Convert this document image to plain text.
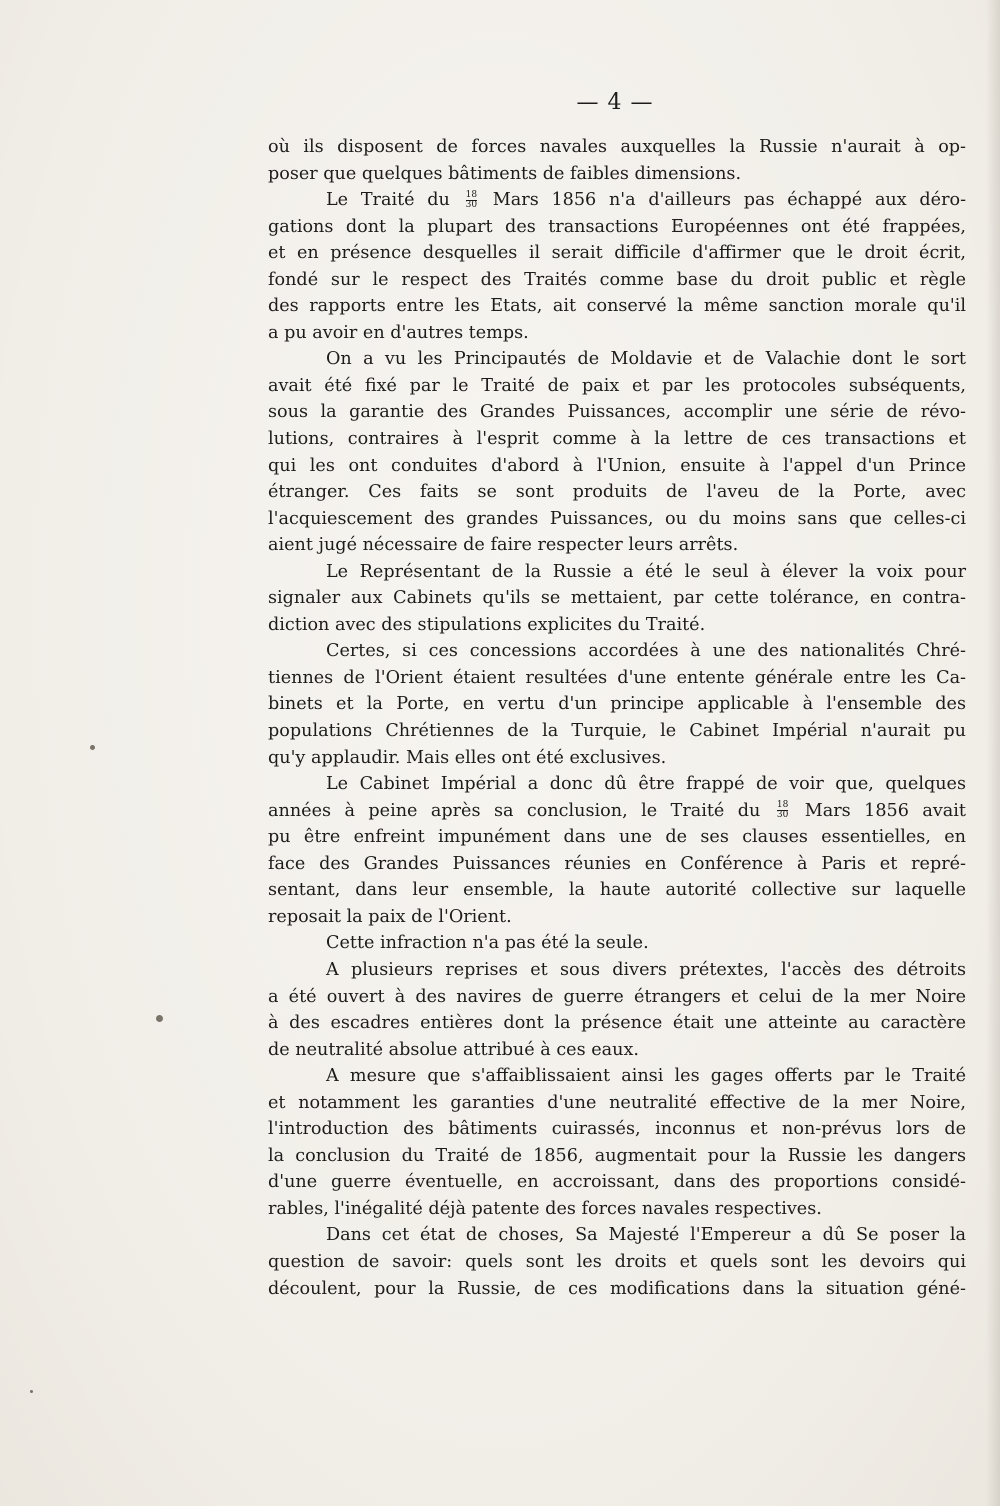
— 4 —
où ils disposent de forces navales auxquelles la Russie n'aurait à op-
poser que quelques bâtiments de faibles dimensions.
Le Traité du $\frac{18}{30}$ Mars 1856 n'a d'ailleurs pas échappé aux déro-
gations dont la plupart des transactions Européennes ont été frappées,
et en présence desquelles il serait difficile d'affirmer que le droit écrit,
fondé sur le respect des Traités comme base du droit public et règle
des rapports entre les Etats, ait conservé la même sanction morale qu'il
a pu avoir en d'autres temps.
On a vu les Principautés de Moldavie et de Valachie dont le sort
avait été fixé par le Traité de paix et par les protocoles subséquents,
sous la garantie des Grandes Puissances, accomplir une série de révo-
lutions, contraires à l'esprit comme à la lettre de ces transactions et
qui les ont conduites d'abord à l'Union, ensuite à l'appel d'un Prince
étranger. Ces faits se sont produits de l'aveu de la Porte, avec
l'acquiescement des grandes Puissances, ou du moins sans que celles-ci
aient jugé nécessaire de faire respecter leurs arrêts.
Le Représentant de la Russie a été le seul à élever la voix pour
signaler aux Cabinets qu'ils se mettaient, par cette tolérance, en contra-
diction avec des stipulations explicites du Traité.
Certes, si ces concessions accordées à une des nationalités Chré-
tiennes de l'Orient étaient resultées d'une entente générale entre les Ca-
binets et la Porte, en vertu d'un principe applicable à l'ensemble des
populations Chrétiennes de la Turquie, le Cabinet Impérial n'aurait pu
qu'y applaudir. Mais elles ont été exclusives.
Le Cabinet Impérial a donc dû être frappé de voir que, quelques
années à peine après sa conclusion, le Traité du $\frac{18}{30}$ Mars 1856 avait
pu être enfreint impunément dans une de ses clauses essentielles, en
face des Grandes Puissances réunies en Conférence à Paris et repré-
sentant, dans leur ensemble, la haute autorité collective sur laquelle
reposait la paix de l'Orient.
Cette infraction n'a pas été la seule.
A plusieurs reprises et sous divers prétextes, l'accès des détroits
a été ouvert à des navires de guerre étrangers et celui de la mer Noire
à des escadres entières dont la présence était une atteinte au caractère
de neutralité absolue attribué à ces eaux.
A mesure que s'affaiblissaient ainsi les gages offerts par le Traité
et notamment les garanties d'une neutralité effective de la mer Noire,
l'introduction des bâtiments cuirassés, inconnus et non-prévus lors de
la conclusion du Traité de 1856, augmentait pour la Russie les dangers
d'une guerre éventuelle, en accroissant, dans des proportions considé-
rables, l'inégalité déjà patente des forces navales respectives.
Dans cet état de choses, Sa Majesté l'Empereur a dû Se poser la
question de savoir: quels sont les droits et quels sont les devoirs qui
découlent, pour la Russie, de ces modifications dans la situation géné-
